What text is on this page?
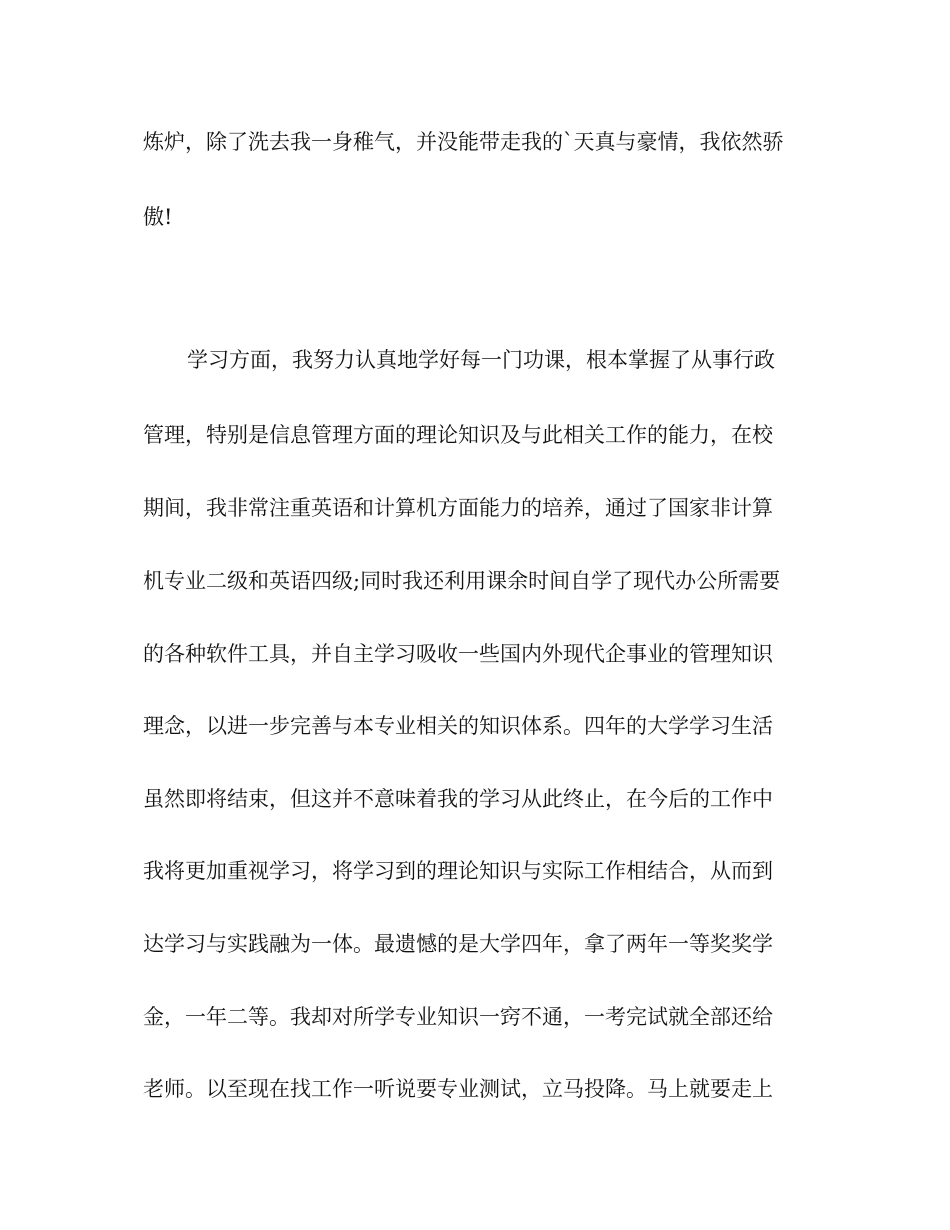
炼炉，除了洗去我一身稚气，并没能带走我的`天真与豪情，我依然骄

傲!

学习方面，我努力认真地学好每一门功课，根本掌握了从事行政

管理，特别是信息管理方面的理论知识及与此相关工作的能力，在校

期间，我非常注重英语和计算机方面能力的培养，通过了国家非计算

机专业二级和英语四级;同时我还利用课余时间自学了现代办公所需要

的各种软件工具，并自主学习吸收一些国内外现代企事业的管理知识

理念，以进一步完善与本专业相关的知识体系。四年的大学学习生活

虽然即将结束，但这并不意味着我的学习从此终止，在今后的工作中

我将更加重视学习，将学习到的理论知识与实际工作相结合，从而到

达学习与实践融为一体。最遗憾的是大学四年，拿了两年一等奖奖学

金，一年二等。我却对所学专业知识一窍不通，一考完试就全部还给

老师。以至现在找工作一听说要专业测试，立马投降。马上就要走上
